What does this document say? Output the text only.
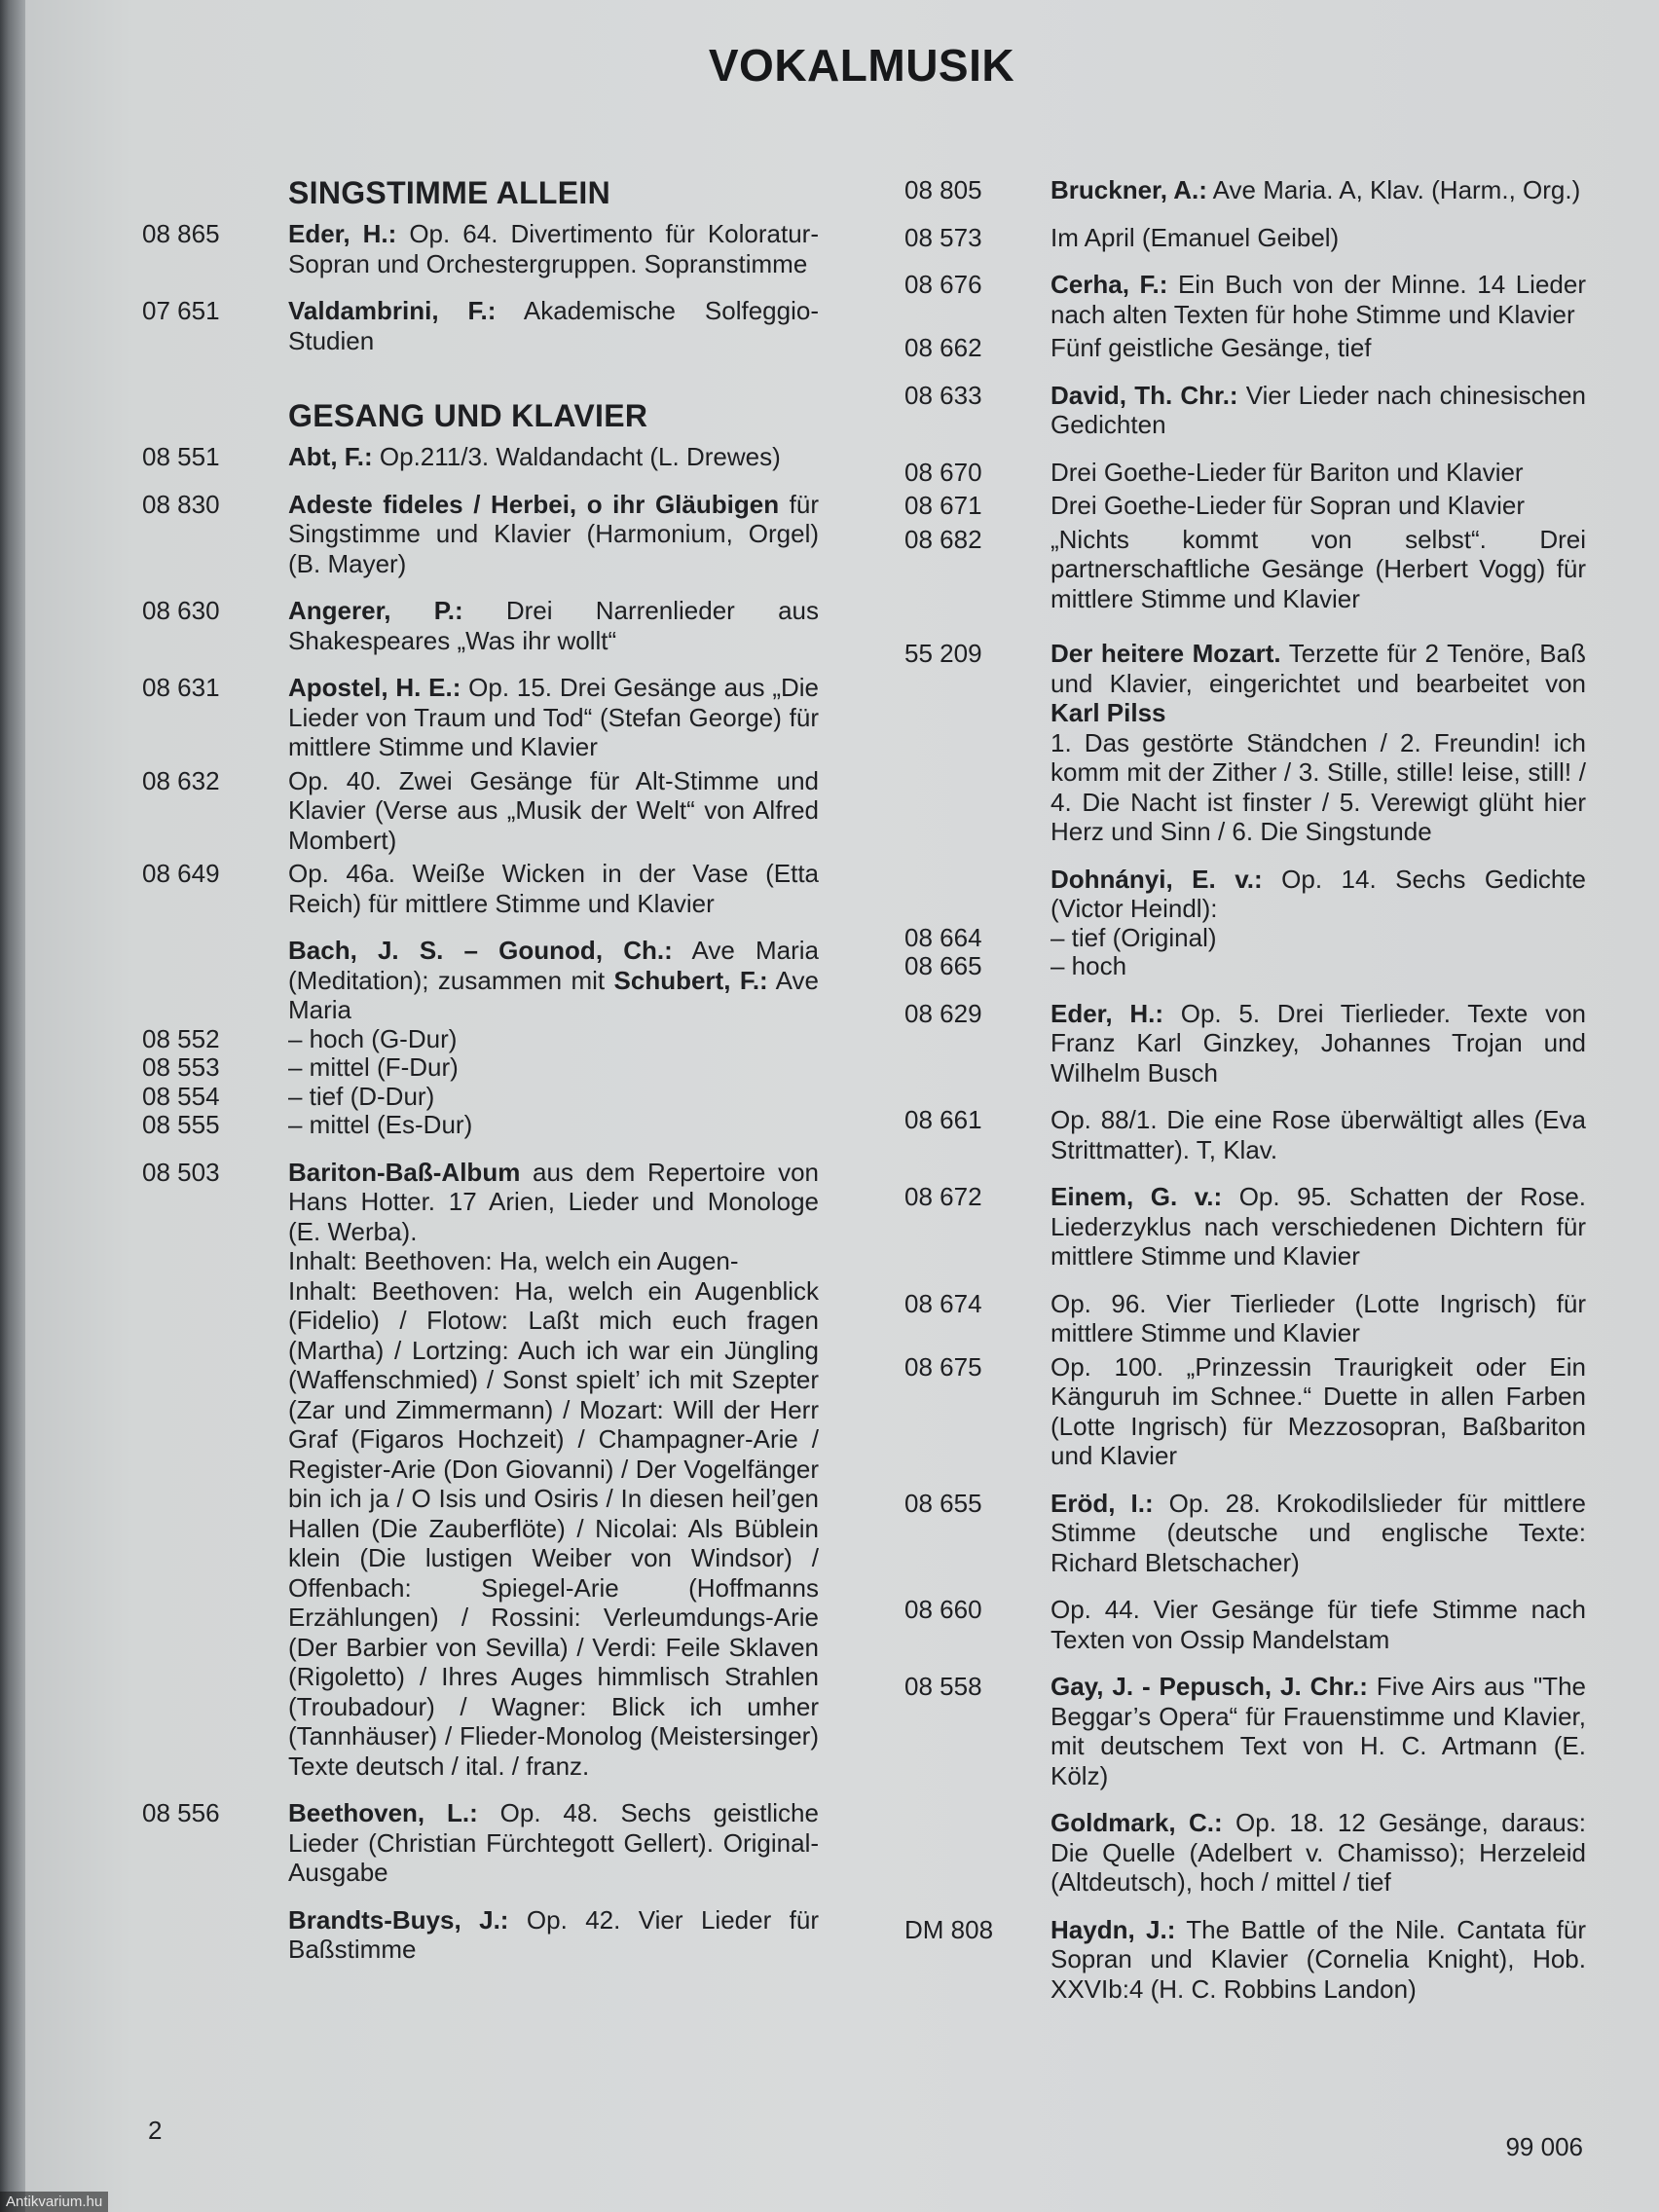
VOKALMUSIK
SINGSTIMME ALLEIN
08 865	Eder, H.: Op. 64. Divertimento für Koloratur-Sopran und Orchestergruppen. Sopranstimme
07 651	Valdambrini, F.: Akademische Solfeggio-Studien
GESANG UND KLAVIER
08 551	Abt, F.: Op.211/3. Waldandacht (L. Drewes)
08 830	Adeste fideles / Herbei, o ihr Gläubigen für Singstimme und Klavier (Harmonium, Orgel) (B. Mayer)
08 630	Angerer, P.: Drei Narrenlieder aus Shakespeares „Was ihr wollt“
08 631	Apostel, H. E.: Op. 15. Drei Gesänge aus „Die Lieder von Traum und Tod“ (Stefan George) für mittlere Stimme und Klavier
08 632	Op. 40. Zwei Gesänge für Alt-Stimme und Klavier (Verse aus „Musik der Welt“ von Alfred Mombert)
08 649	Op. 46a. Weiße Wicken in der Vase (Etta Reich) für mittlere Stimme und Klavier
Bach, J. S. – Gounod, Ch.: Ave Maria (Meditation); zusammen mit Schubert, F.: Ave Maria
08 552	– hoch (G-Dur)
08 553	– mittel (F-Dur)
08 554	– tief (D-Dur)
08 555	– mittel (Es-Dur)
08 503	Bariton-Baß-Album aus dem Repertoire von Hans Hotter. 17 Arien, Lieder und Monologe (E. Werba).
Inhalt: Beethoven: Ha, welch ein Augen-
Inhalt: Beethoven: Ha, welch ein Augenblick (Fidelio) / Flotow: Laßt mich euch fragen (Martha) / Lortzing: Auch ich war ein Jüngling (Waffenschmied) / Sonst spielt’ ich mit Szepter (Zar und Zimmermann) / Mozart: Will der Herr Graf (Figaros Hochzeit) / Champagner-Arie / Register-Arie (Don Giovanni) / Der Vogelfänger bin ich ja / O Isis und Osiris / In diesen heil’gen Hallen (Die Zauberflöte) / Nicolai: Als Büblein klein (Die lustigen Weiber von Windsor) / Offenbach: Spiegel-Arie (Hoffmanns Erzählungen) / Rossini: Verleumdungs-Arie (Der Barbier von Sevilla) / Verdi: Feile Sklaven (Rigoletto) / Ihres Auges himmlisch Strahlen (Troubadour) / Wagner: Blick ich umher (Tannhäuser) / Flieder-Monolog (Meistersinger) Texte deutsch / ital. / franz.
08 556	Beethoven, L.: Op. 48. Sechs geistliche Lieder (Christian Fürchtegott Gellert). Original-Ausgabe
Brandts-Buys, J.: Op. 42. Vier Lieder für Baßstimme
08 805	Bruckner, A.: Ave Maria. A, Klav. (Harm., Org.)
08 573	Im April (Emanuel Geibel)
08 676	Cerha, F.: Ein Buch von der Minne. 14 Lieder nach alten Texten für hohe Stimme und Klavier
08 662	Fünf geistliche Gesänge, tief
08 633	David, Th. Chr.: Vier Lieder nach chinesischen Gedichten
08 670	Drei Goethe-Lieder für Bariton und Klavier
08 671	Drei Goethe-Lieder für Sopran und Klavier
08 682	„Nichts kommt von selbst“. Drei partnerschaftliche Gesänge (Herbert Vogg) für mittlere Stimme und Klavier
55 209	Der heitere Mozart. Terzette für 2 Tenöre, Baß und Klavier, eingerichtet und bearbeitet von Karl Pilss
1. Das gestörte Ständchen / 2. Freundin! ich komm mit der Zither / 3. Stille, stille! leise, still! / 4. Die Nacht ist finster / 5. Verewigt glüht hier Herz und Sinn / 6. Die Singstunde
Dohnányi, E. v.: Op. 14. Sechs Gedichte (Victor Heindl):
08 664	– tief (Original)
08 665	– hoch
08 629	Eder, H.: Op. 5. Drei Tierlieder. Texte von Franz Karl Ginzkey, Johannes Trojan und Wilhelm Busch
08 661	Op. 88/1. Die eine Rose überwältigt alles (Eva Strittmatter). T, Klav.
08 672	Einem, G. v.: Op. 95. Schatten der Rose. Liederzyklus nach verschiedenen Dichtern für mittlere Stimme und Klavier
08 674	Op. 96. Vier Tierlieder (Lotte Ingrisch) für mittlere Stimme und Klavier
08 675	Op. 100. „Prinzessin Traurigkeit oder Ein Känguruh im Schnee.“ Duette in allen Farben (Lotte Ingrisch) für Mezzosopran, Baßbariton und Klavier
08 655	Eröd, I.: Op. 28. Krokodilslieder für mittlere Stimme (deutsche und englische Texte: Richard Bletschacher)
08 660	Op. 44. Vier Gesänge für tiefe Stimme nach Texten von Ossip Mandelstam
08 558	Gay, J. - Pepusch, J. Chr.: Five Airs aus "The Beggar’s Opera“ für Frauenstimme und Klavier, mit deutschem Text von H. C. Artmann (E. Kölz)
Goldmark, C.: Op. 18. 12 Gesänge, daraus: Die Quelle (Adelbert v. Chamisso); Herzeleid (Altdeutsch), hoch / mittel / tief
DM 808	Haydn, J.: The Battle of the Nile. Cantata für Sopran und Klavier (Cornelia Knight), Hob. XXVIb:4 (H. C. Robbins Landon)
2
99 006
Antikvarium.hu
